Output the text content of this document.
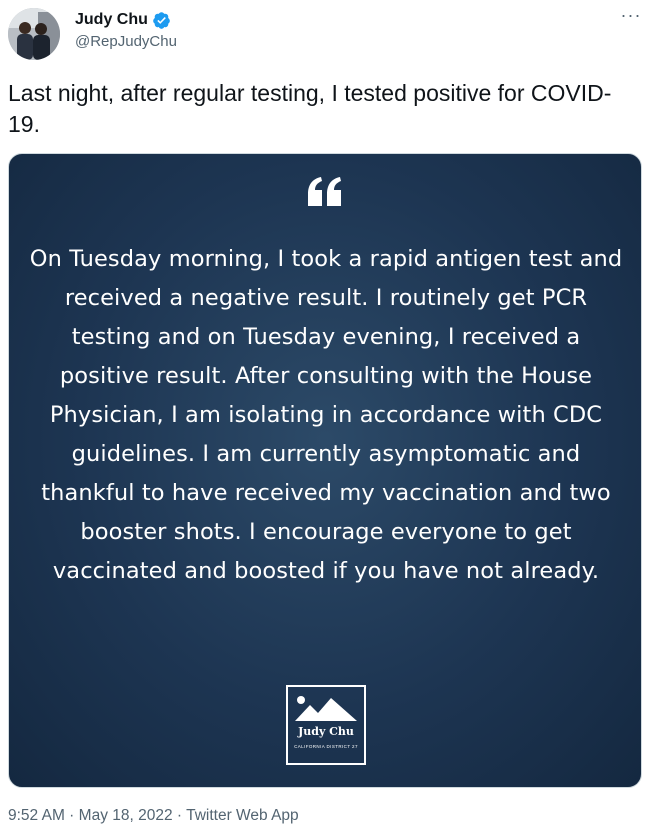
Judy Chu
@RepJudyChu
···
Last night, after regular testing, I tested positive for COVID-19.
On Tuesday morning, I took a rapid antigen test and received a negative result. I routinely get PCR testing and on Tuesday evening, I received a positive result. After consulting with the House Physician, I am isolating in accordance with CDC guidelines. I am currently asymptomatic and thankful to have received my vaccination and two booster shots. I encourage everyone to get vaccinated and boosted if you have not already.
Judy Chu
CALIFORNIA DISTRICT 27
9:52 AM · May 18, 2022 · Twitter Web App
